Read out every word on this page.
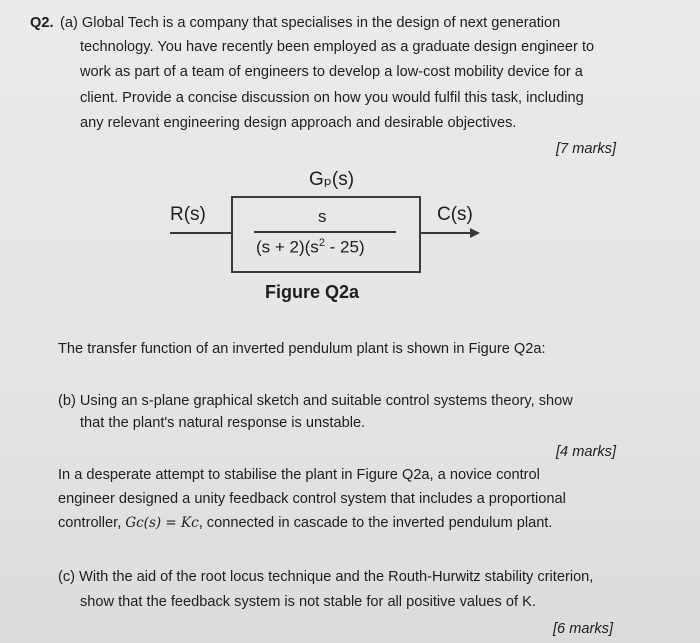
Q2. (a) Global Tech is a company that specialises in the design of next generation
technology. You have recently been employed as a graduate design engineer to
work as part of a team of engineers to develop a low-cost mobility device for a
client. Provide a concise discussion on how you would fulfil this task, including
any relevant engineering design approach and desirable objectives.
[7 marks]
Gₚ(s)
R(s)	C(s)
s
$(s + 2)(s^2 - 25)$
Figure Q2a
The transfer function of an inverted pendulum plant is shown in Figure Q2a:
(b) Using an s-plane graphical sketch and suitable control systems theory, show
that the plant's natural response is unstable.
[4 marks]
In a desperate attempt to stabilise the plant in Figure Q2a, a novice control
engineer designed a unity feedback control system that includes a proportional
controller, Gc(s) = Kc, connected in cascade to the inverted pendulum plant.
(c) With the aid of the root locus technique and the Routh-Hurwitz stability criterion,
show that the feedback system is not stable for all positive values of K.
[6 marks]
